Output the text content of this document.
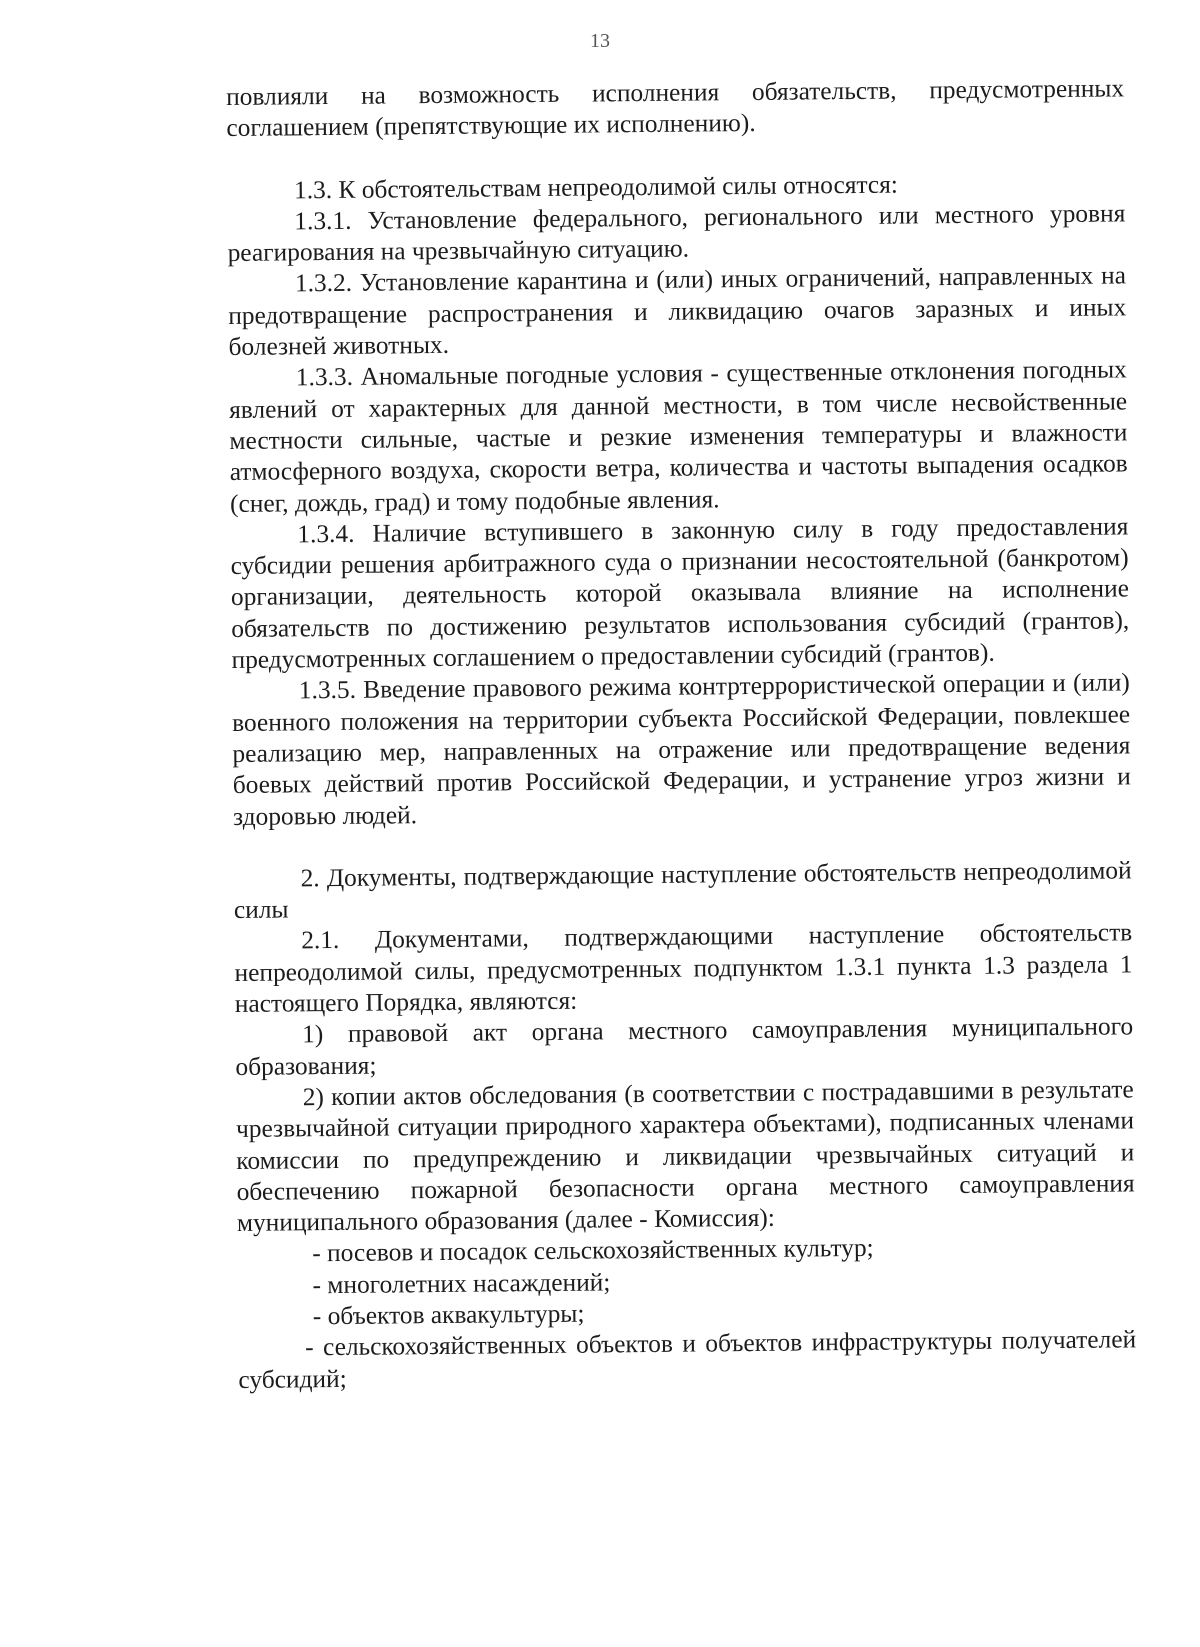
13

повлияли на возможность исполнения обязательств, предусмотренных соглашением (препятствующие их исполнению).

1.3. К обстоятельствам непреодолимой силы относятся:

1.3.1. Установление федерального, регионального или местного уровня реагирования на чрезвычайную ситуацию.

1.3.2. Установление карантина и (или) иных ограничений, направленных на предотвращение распространения и ликвидацию очагов заразных и иных болезней животных.

1.3.3. Аномальные погодные условия - существенные отклонения погодных явлений от характерных для данной местности, в том числе несвойственные местности сильные, частые и резкие изменения температуры и влажности атмосферного воздуха, скорости ветра, количества и частоты выпадения осадков (снег, дождь, град) и тому подобные явления.

1.3.4. Наличие вступившего в законную силу в году предоставления субсидии решения арбитражного суда о признании несостоятельной (банкротом) организации, деятельность которой оказывала влияние на исполнение обязательств по достижению результатов использования субсидий (грантов), предусмотренных соглашением о предоставлении субсидий (грантов).

1.3.5. Введение правового режима контртеррористической операции и (или) военного положения на территории субъекта Российской Федерации, повлекшее реализацию мер, направленных на отражение или предотвращение ведения боевых действий против Российской Федерации, и устранение угроз жизни и здоровью людей.

2. Документы, подтверждающие наступление обстоятельств непреодолимой силы

2.1. Документами, подтверждающими наступление обстоятельств непреодолимой силы, предусмотренных подпунктом 1.3.1 пункта 1.3 раздела 1 настоящего Порядка, являются:

1) правовой акт органа местного самоуправления муниципального образования;

2) копии актов обследования (в соответствии с пострадавшими в результате чрезвычайной ситуации природного характера объектами), подписанных членами комиссии по предупреждению и ликвидации чрезвычайных ситуаций и обеспечению пожарной безопасности органа местного самоуправления муниципального образования (далее - Комиссия):

- посевов и посадок сельскохозяйственных культур;

- многолетних насаждений;

- объектов аквакультуры;

- сельскохозяйственных объектов и объектов инфраструктуры получателей субсидий;
